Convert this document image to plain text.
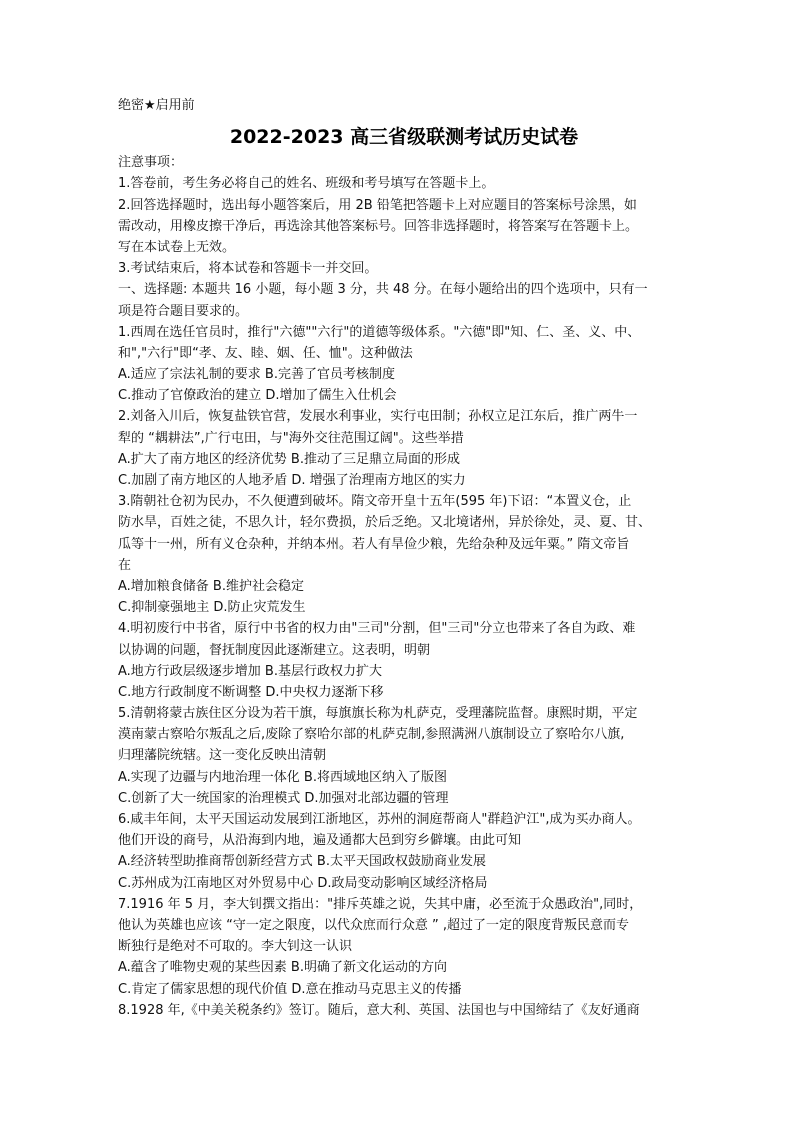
绝密★启用前
2022-2023 高三省级联测考试历史试卷
注意事项：
1.答卷前，考生务必将自己的姓名、班级和考号填写在答题卡上。
2.回答选择题时，选出每小题答案后，用 2B 铅笔把答题卡上对应题目的答案标号涂黑，如
需改动，用橡皮擦干净后，再选涂其他答案标号。回答非选择题时，将答案写在答题卡上。
写在本试卷上无效。
3.考试结束后，将本试卷和答题卡一并交回。
一、选择题: 本题共 16 小题，每小题 3 分，共 48 分。在每小题给出的四个选项中，只有一
项是符合题目要求的。
1.西周在选任官员时，推行"六德""六行"的道德等级体系。"六德"即"知、仁、圣、义、中、
和","六行"即“孝、友、睦、姻、任、恤"。这种做法
A.适应了宗法礼制的要求 B.完善了官员考核制度
C.推动了官僚政治的建立 D.增加了儒生入仕机会
2.刘备入川后，恢复盐铁官营，发展水利事业，实行屯田制；孙权立足江东后，推广两牛一
犁的 “耦耕法”,广行屯田，与"海外交往范围辽阔"。这些举措
A.扩大了南方地区的经济优势 B.推动了三足鼎立局面的形成
C.加剧了南方地区的人地矛盾 D. 增强了治理南方地区的实力
3.隋朝社仓初为民办，不久便遭到破坏。隋文帝开皇十五年(595 年)下诏：“本置义仓，止
防水旱，百姓之徒，不思久计，轻尔费损，於后乏绝。又北境诸州，异於徐处，灵、夏、甘、
瓜等十一州，所有义仓杂种，并纳本州。若人有旱俭少粮，先给杂种及远年粟。” 隋文帝旨
在
A.增加粮食储备 B.维护社会稳定
C.抑制豪强地主 D.防止灾荒发生
4.明初废行中书省，原行中书省的权力由"三司"分割，但"三司"分立也带来了各自为政、难
以协调的问题，督抚制度因此逐渐建立。这表明，明朝
A.地方行政层级逐步增加 B.基层行政权力扩大
C.地方行政制度不断调整 D.中央权力逐渐下移
5.清朝将蒙古族住区分设为若干旗，每旗旗长称为札萨克，受理藩院监督。康熙时期，平定
漠南蒙古察哈尔叛乱之后,废除了察哈尔部的札萨克制,参照满洲八旗制设立了察哈尔八旗,
归理藩院统辖。这一变化反映出清朝
A.实现了边疆与内地治理一体化 B.将西域地区纳入了版图
C.创新了大一统国家的治理模式 D.加强对北部边疆的管理
6.咸丰年间，太平天国运动发展到江浙地区，苏州的洞庭帮商人"群趋沪江",成为买办商人。
他们开设的商号，从沿海到内地，遍及通都大邑到穷乡僻壤。由此可知
A.经济转型助推商帮创新经营方式 B.太平天国政权鼓励商业发展
C.苏州成为江南地区对外贸易中心 D.政局变动影响区域经济格局
7.1916 年 5 月，李大钊撰文指出："排斥英雄之说，失其中庸，必至流于众愚政治",同时，
他认为英雄也应该 “守一定之限度，以代众庶而行众意 ” ,超过了一定的限度背叛民意而专
断独行是绝对不可取的。李大钊这一认识
A.蕴含了唯物史观的某些因素 B.明确了新文化运动的方向
C.肯定了儒家思想的现代价值 D.意在推动马克思主义的传播
8.1928 年,《中美关税条约》签订。随后，意大利、英国、法国也与中国缔结了《友好通商
